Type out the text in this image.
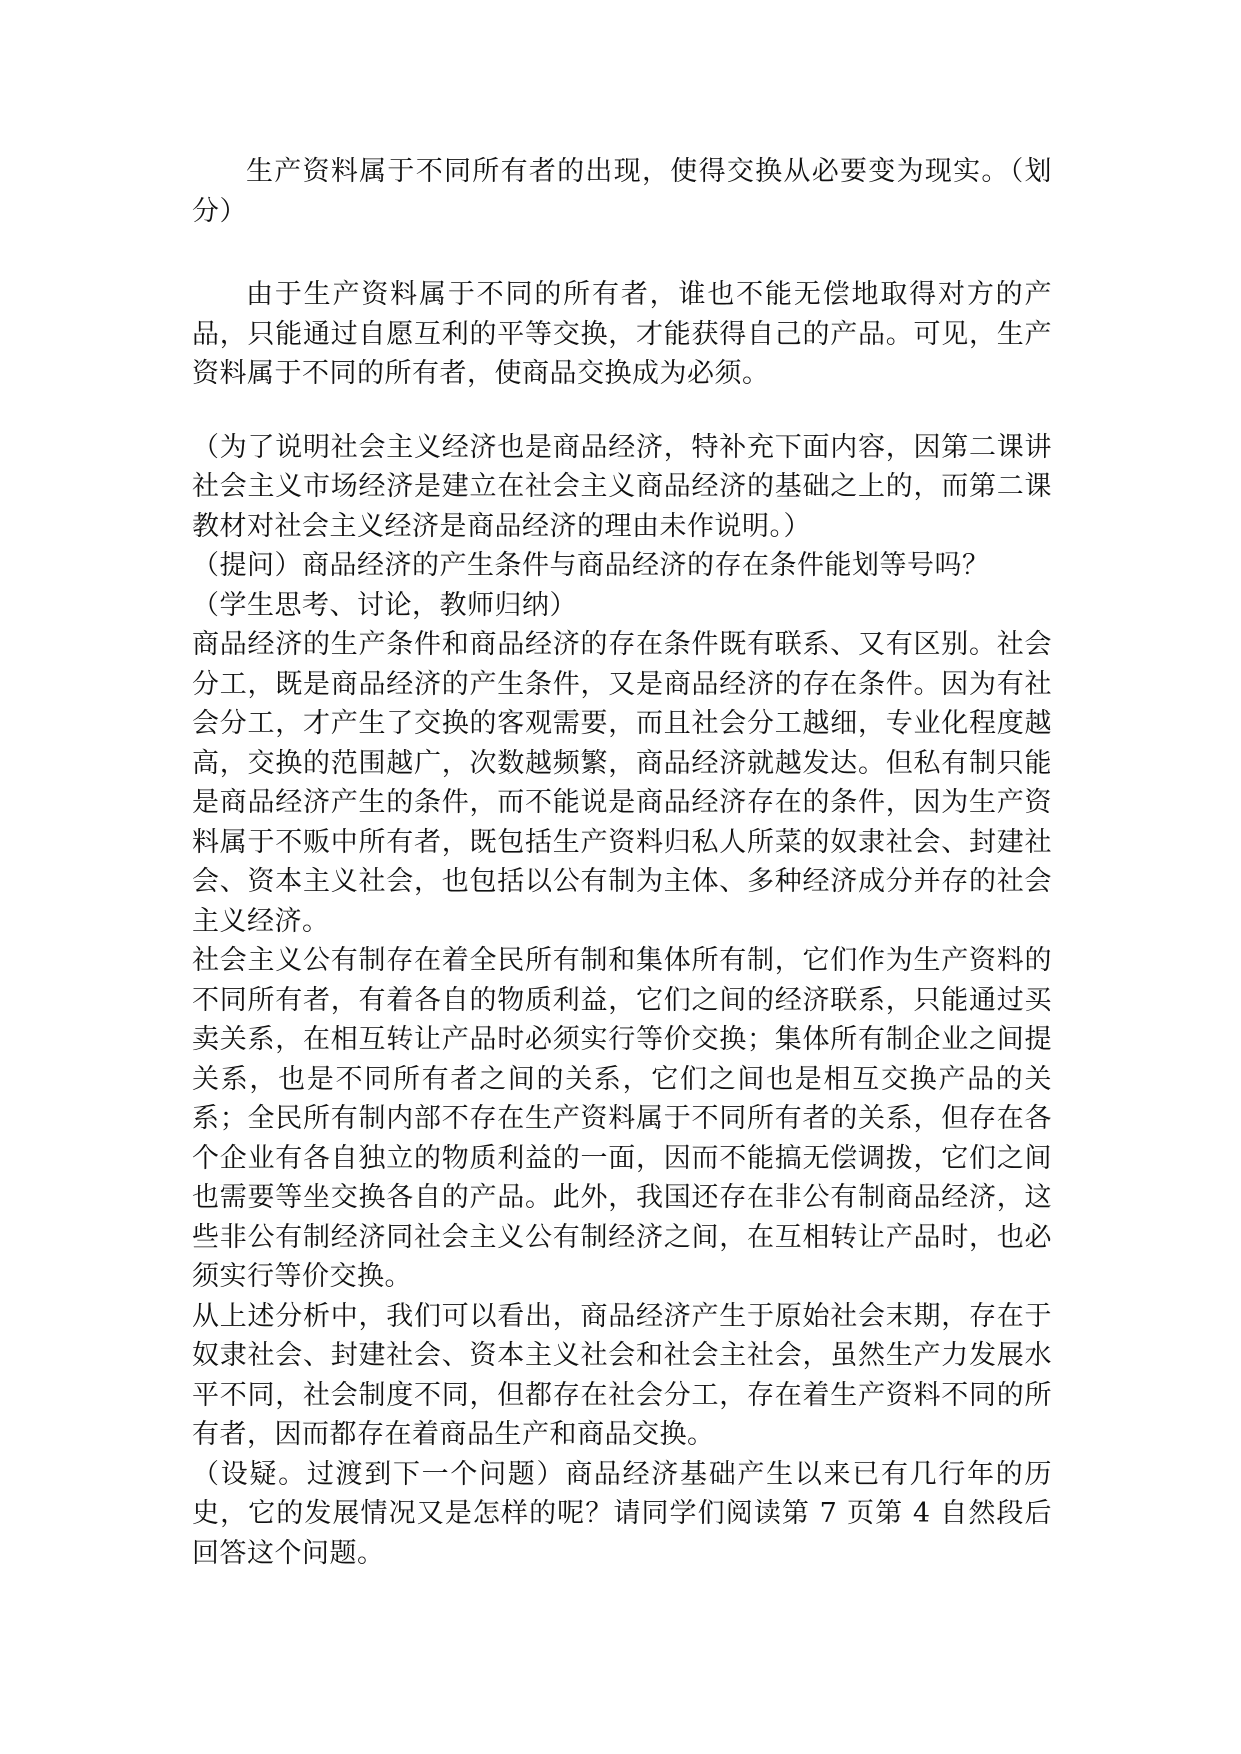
生产资料属于不同所有者的出现，使得交换从必要变为现实。（划分）

由于生产资料属于不同的所有者，谁也不能无偿地取得对方的产品，只能通过自愿互利的平等交换，才能获得自己的产品。可见，生产资料属于不同的所有者，使商品交换成为必须。

（为了说明社会主义经济也是商品经济，特补充下面内容，因第二课讲社会主义市场经济是建立在社会主义商品经济的基础之上的，而第二课教材对社会主义经济是商品经济的理由未作说明。）

（提问）商品经济的产生条件与商品经济的存在条件能划等号吗？

（学生思考、讨论，教师归纳）

商品经济的生产条件和商品经济的存在条件既有联系、又有区别。社会分工，既是商品经济的产生条件，又是商品经济的存在条件。因为有社会分工，才产生了交换的客观需要，而且社会分工越细，专业化程度越高，交换的范围越广，次数越频繁，商品经济就越发达。但私有制只能是商品经济产生的条件，而不能说是商品经济存在的条件，因为生产资料属于不贩中所有者，既包括生产资料归私人所菜的奴隶社会、封建社会、资本主义社会，也包括以公有制为主体、多种经济成分并存的社会主义经济。

社会主义公有制存在着全民所有制和集体所有制，它们作为生产资料的不同所有者，有着各自的物质利益，它们之间的经济联系，只能通过买卖关系，在相互转让产品时必须实行等价交换；集体所有制企业之间提关系，也是不同所有者之间的关系，它们之间也是相互交换产品的关系；全民所有制内部不存在生产资料属于不同所有者的关系，但存在各个企业有各自独立的物质利益的一面，因而不能搞无偿调拨，它们之间也需要等坐交换各自的产品。此外，我国还存在非公有制商品经济，这些非公有制经济同社会主义公有制经济之间，在互相转让产品时，也必须实行等价交换。

从上述分析中，我们可以看出，商品经济产生于原始社会末期，存在于奴隶社会、封建社会、资本主义社会和社会主社会，虽然生产力发展水平不同，社会制度不同，但都存在社会分工，存在着生产资料不同的所有者，因而都存在着商品生产和商品交换。

（设疑。过渡到下一个问题）商品经济基础产生以来已有几行年的历史，它的发展情况又是怎样的呢？请同学们阅读第 7 页第 4 自然段后回答这个问题。
